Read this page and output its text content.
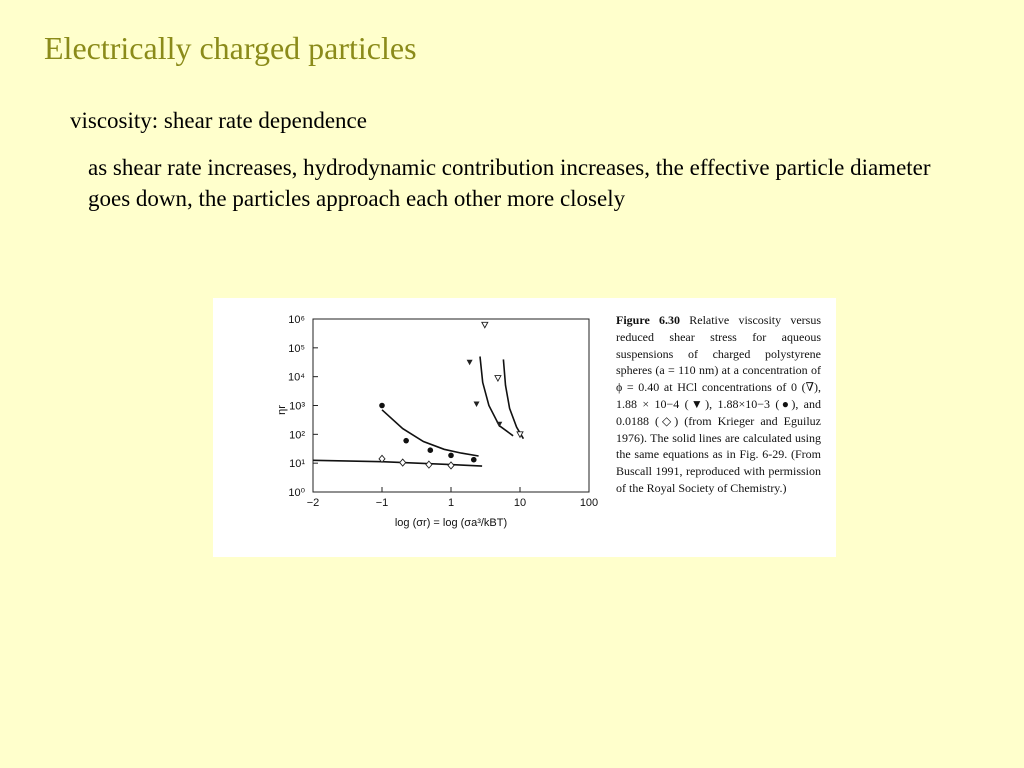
Electrically charged particles
viscosity: shear rate dependence
as shear rate increases, hydrodynamic contribution increases, the effective particle diameter goes down, the particles approach each other more closely
−2	−1	1	10	100
10⁰
10¹
10²
10³
10⁴
10⁵
10⁶
log (σr) = log (σa³/kBT)
ηr
Figure 6.30 Relative viscosity versus reduced shear stress for aqueous suspensions of charged polystyrene spheres (a = 110 nm) at a concentration of ϕ = 0.40 at HCl concentrations of 0 (∇), 1.88 × 10−4 (▼), 1.88×10−3 (●), and 0.0188 (◇) (from Krieger and Eguiluz 1976). The solid lines are calculated using the same equations as in Fig. 6-29. (From Buscall 1991, reproduced with permission of the Royal Society of Chemistry.)
